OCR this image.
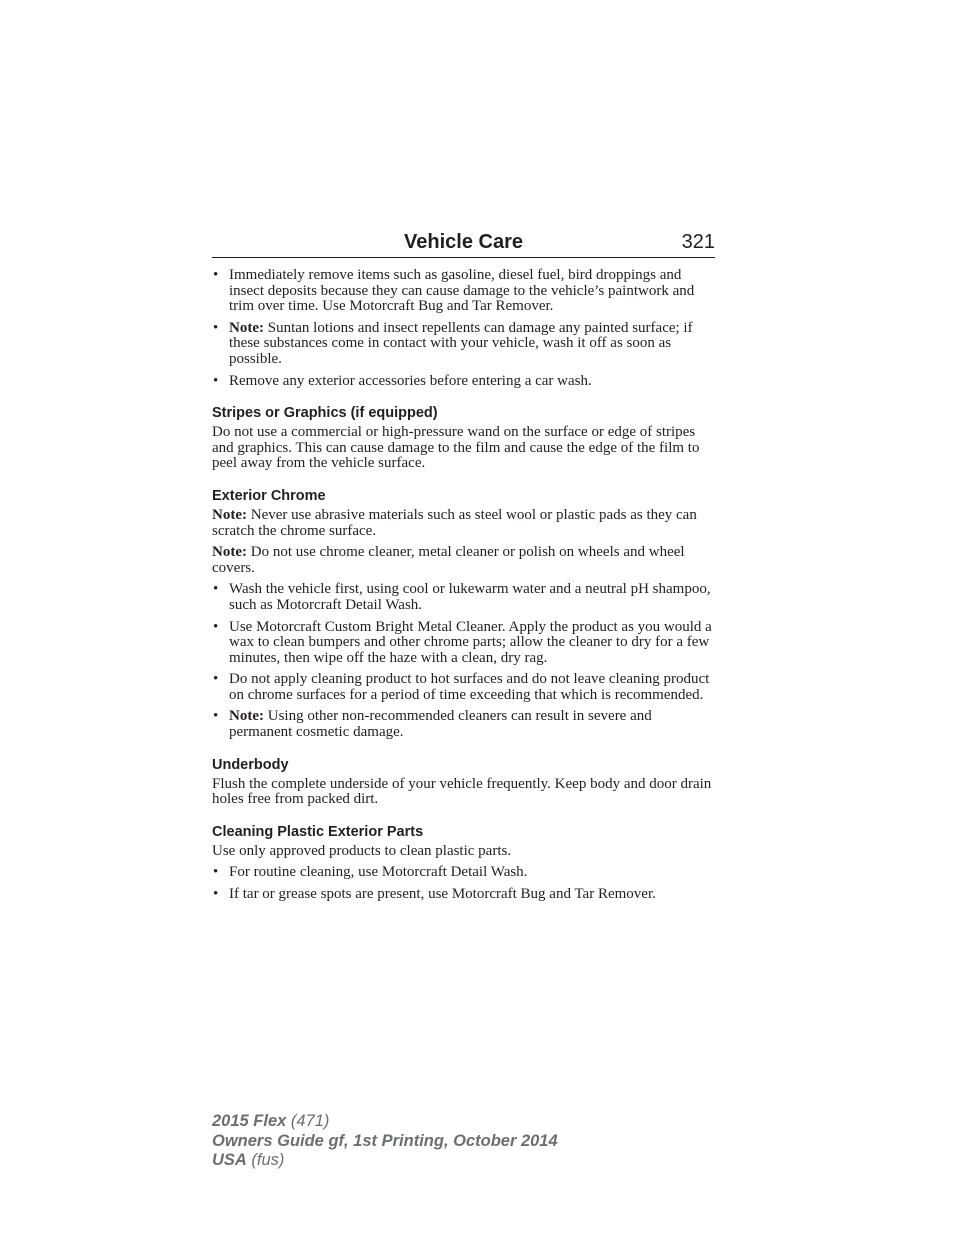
Vehicle Care	321
• Immediately remove items such as gasoline, diesel fuel, bird droppings and insect deposits because they can cause damage to the vehicle’s paintwork and trim over time. Use Motorcraft Bug and Tar Remover.
• Note: Suntan lotions and insect repellents can damage any painted surface; if these substances come in contact with your vehicle, wash it off as soon as possible.
• Remove any exterior accessories before entering a car wash.
Stripes or Graphics (if equipped)
Do not use a commercial or high-pressure wand on the surface or edge of stripes and graphics. This can cause damage to the film and cause the edge of the film to peel away from the vehicle surface.
Exterior Chrome
Note: Never use abrasive materials such as steel wool or plastic pads as they can scratch the chrome surface.
Note: Do not use chrome cleaner, metal cleaner or polish on wheels and wheel covers.
• Wash the vehicle first, using cool or lukewarm water and a neutral pH shampoo, such as Motorcraft Detail Wash.
• Use Motorcraft Custom Bright Metal Cleaner. Apply the product as you would a wax to clean bumpers and other chrome parts; allow the cleaner to dry for a few minutes, then wipe off the haze with a clean, dry rag.
• Do not apply cleaning product to hot surfaces and do not leave cleaning product on chrome surfaces for a period of time exceeding that which is recommended.
• Note: Using other non-recommended cleaners can result in severe and permanent cosmetic damage.
Underbody
Flush the complete underside of your vehicle frequently. Keep body and door drain holes free from packed dirt.
Cleaning Plastic Exterior Parts
Use only approved products to clean plastic parts.
• For routine cleaning, use Motorcraft Detail Wash.
• If tar or grease spots are present, use Motorcraft Bug and Tar Remover.
2015 Flex (471)
Owners Guide gf, 1st Printing, October 2014
USA (fus)
